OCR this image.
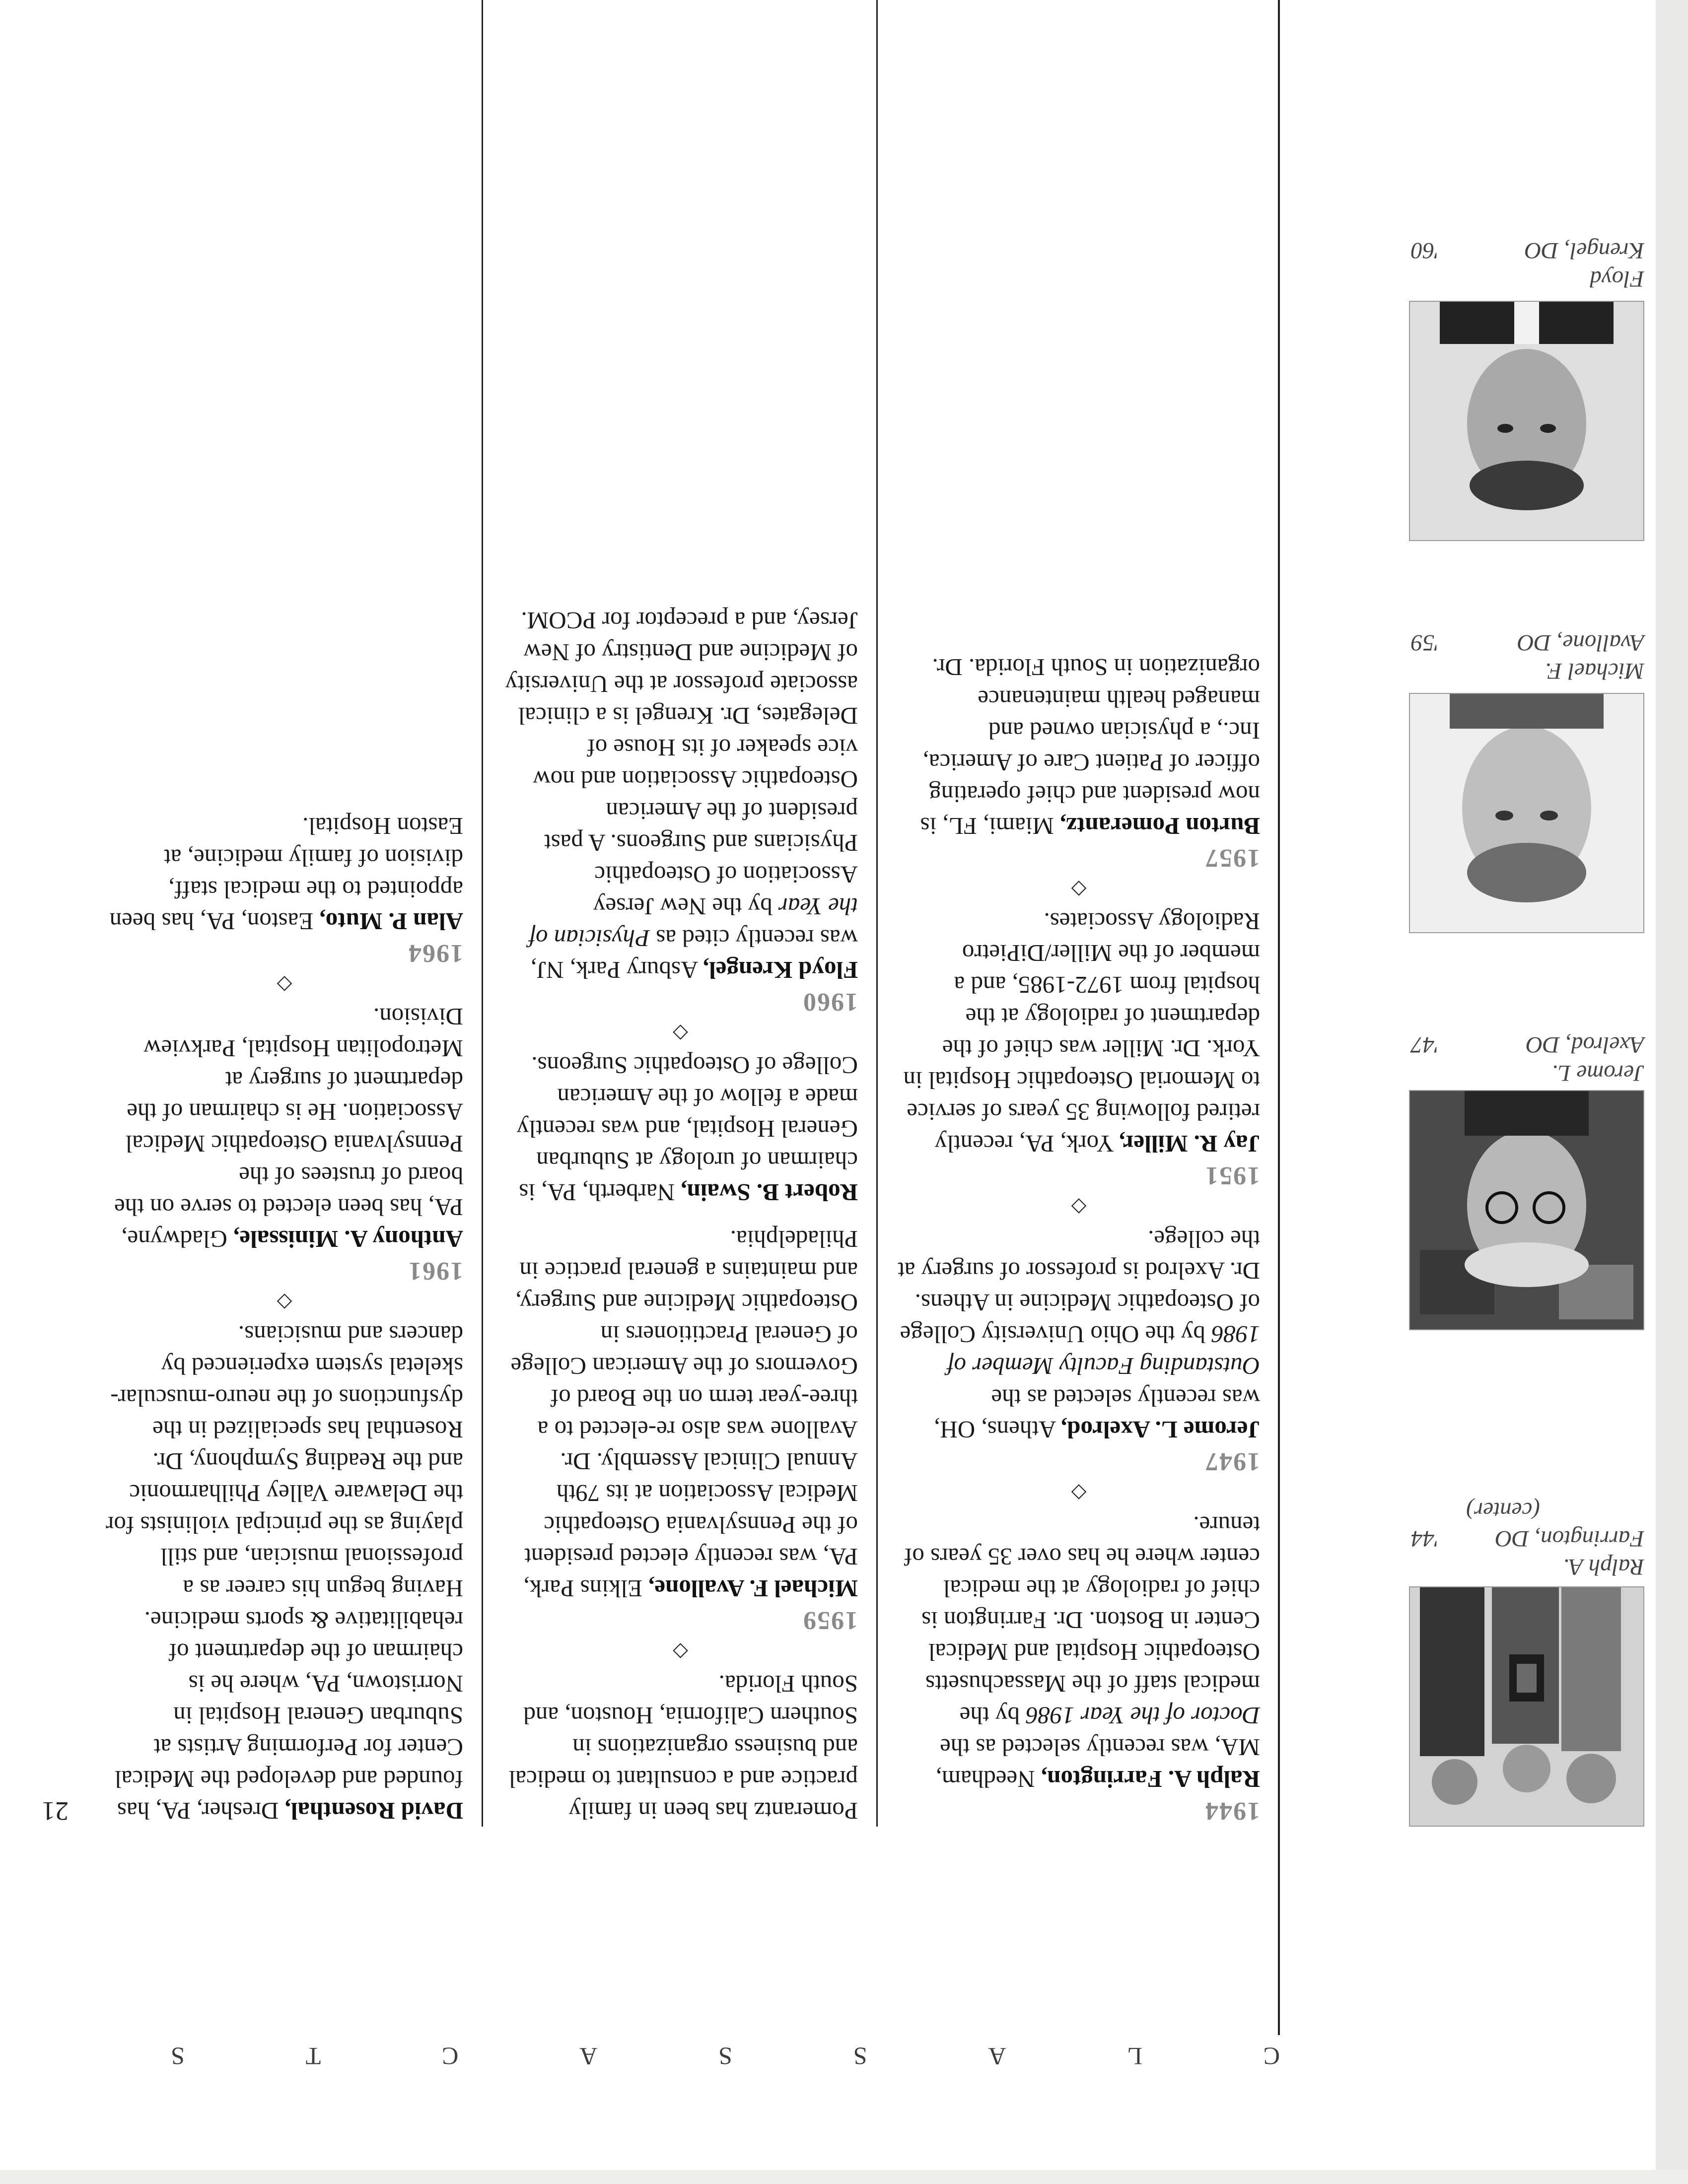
C
L
A
S
S
A
C
T
S
Ralph A.
Farrington, DO
'44
(center)
Jerome L.
Axelrod, DO
'47
Michael F.
Avallone, DO
'59
Floyd
Krengel, DO
'60

1944

Ralph A. Farrington, Needham, MA, was recently selected as the Doctor of the Year 1986 by the medical staff of the Massachusetts Osteopathic Hospital and Medical Center in Boston. Dr. Farrington is chief of radiology at the medical center where he has over 35 years of tenure.

◇

1947

Jerome L. Axelrod, Athens, OH, was recently selected as the Outstanding Faculty Member of 1986 by the Ohio University College of Osteopathic Medicine in Athens. Dr. Axelrod is professor of surgery at the college.

◇

1951

Jay R. Miller, York, PA, recently retired following 35 years of service to Memorial Osteopathic Hospital in York. Dr. Miller was chief of the department of radiology at the hospital from 1972-1985, and a member of the Miller/DiPietro Radiology Associates.

◇

1957

Burton Pomerantz, Miami, FL, is now president and chief operating officer of Patient Care of America, Inc., a physician owned and managed health maintenance organization in South Florida. Dr.

Pomerantz has been in family practice and a consultant to medical and business organizations in Southern California, Houston, and South Florida.

◇

1959

Michael F. Avallone, Elkins Park, PA, was recently elected president of the Pennsylvania Osteopathic Medical Association at its 79th Annual Clinical Assembly. Dr. Avallone was also re-elected to a three-year term on the Board of Governors of the American College of General Practitioners in Osteopathic Medicine and Surgery, and maintains a general practice in Philadelphia.

Robert B. Swain, Narberth, PA, is chairman of urology at Suburban General Hospital, and was recently made a fellow of the American College of Osteopathic Surgeons.

◇

1960

Floyd Krengel, Asbury Park, NJ, was recently cited as Physician of the Year by the New Jersey Association of Osteopathic Physicians and Surgeons. A past president of the American Osteopathic Association and now vice speaker of its House of Delegates, Dr. Krengel is a clinical associate professor at the University of Medicine and Dentistry of New Jersey, and a preceptor for PCOM.

David Rosenthal, Dresher, PA, has founded and developed the Medical Center for Performing Artists at Suburban General Hospital in Norristown, PA, where he is chairman of the department of rehabilitative & sports medicine. Having begun his career as a professional musician, and still playing as the principal violinists for the Delaware Valley Philharmonic and the Reading Symphony, Dr. Rosenthal has specialized in the dysfunctions of the neuro-muscular-skeletal system experienced by dancers and musicians.

◇

1961

Anthony A. Minissale, Gladwyne, PA, has been elected to serve on the board of trustees of the Pennsylvania Osteopathic Medical Association. He is chairman of the department of surgery at Metropolitan Hospital, Parkview Division.

◇

1964

Alan P. Muto, Easton, PA, has been appointed to the medical staff, division of family medicine, at Easton Hospital.

21
